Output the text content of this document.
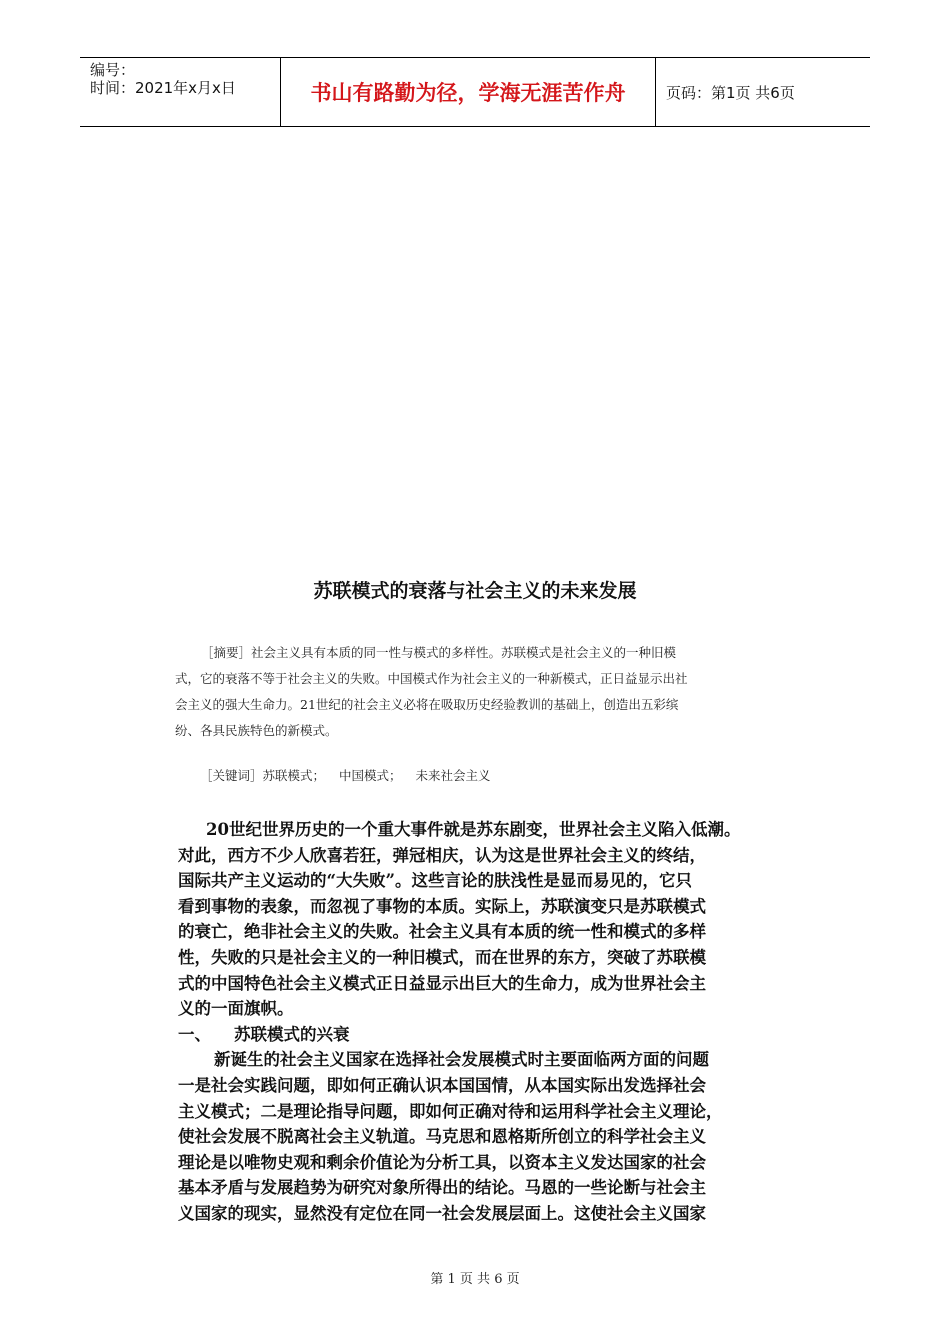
编号：
时间：2021年x月x日	书山有路勤为径，学海无涯苦作舟	页码：第1页 共6页
苏联模式的衰落与社会主义的未来发展
［摘要］社会主义具有本质的同一性与模式的多样性。苏联模式是社会主义的一种旧模
式，它的衰落不等于社会主义的失败。中国模式作为社会主义的一种新模式，正日益显示出社
会主义的强大生命力。21世纪的社会主义必将在吸取历史经验教训的基础上，创造出五彩缤
纷、各具民族特色的新模式。
［关键词］苏联模式； 中国模式； 未来社会主义
20世纪世界历史的一个重大事件就是苏东剧变，世界社会主义陷入低潮。
对此，西方不少人欣喜若狂，弹冠相庆，认为这是世界社会主义的终结，
国际共产主义运动的“大失败”。这些言论的肤浅性是显而易见的，它只
看到事物的表象，而忽视了事物的本质。实际上，苏联演变只是苏联模式
的衰亡，绝非社会主义的失败。社会主义具有本质的统一性和模式的多样
性，失败的只是社会主义的一种旧模式，而在世界的东方，突破了苏联模
式的中国特色社会主义模式正日益显示出巨大的生命力，成为世界社会主
义的一面旗帜。
一、    苏联模式的兴衰
新诞生的社会主义国家在选择社会发展模式时主要面临两方面的问题
一是社会实践问题，即如何正确认识本国国情，从本国实际出发选择社会
主义模式；二是理论指导问题，即如何正确对待和运用科学社会主义理论，
使社会发展不脱离社会主义轨道。马克思和恩格斯所创立的科学社会主义
理论是以唯物史观和剩余价值论为分析工具，以资本主义发达国家的社会
基本矛盾与发展趋势为研究对象所得出的结论。马恩的一些论断与社会主
义国家的现实，显然没有定位在同一社会发展层面上。这使社会主义国家
第 1 页 共 6 页
